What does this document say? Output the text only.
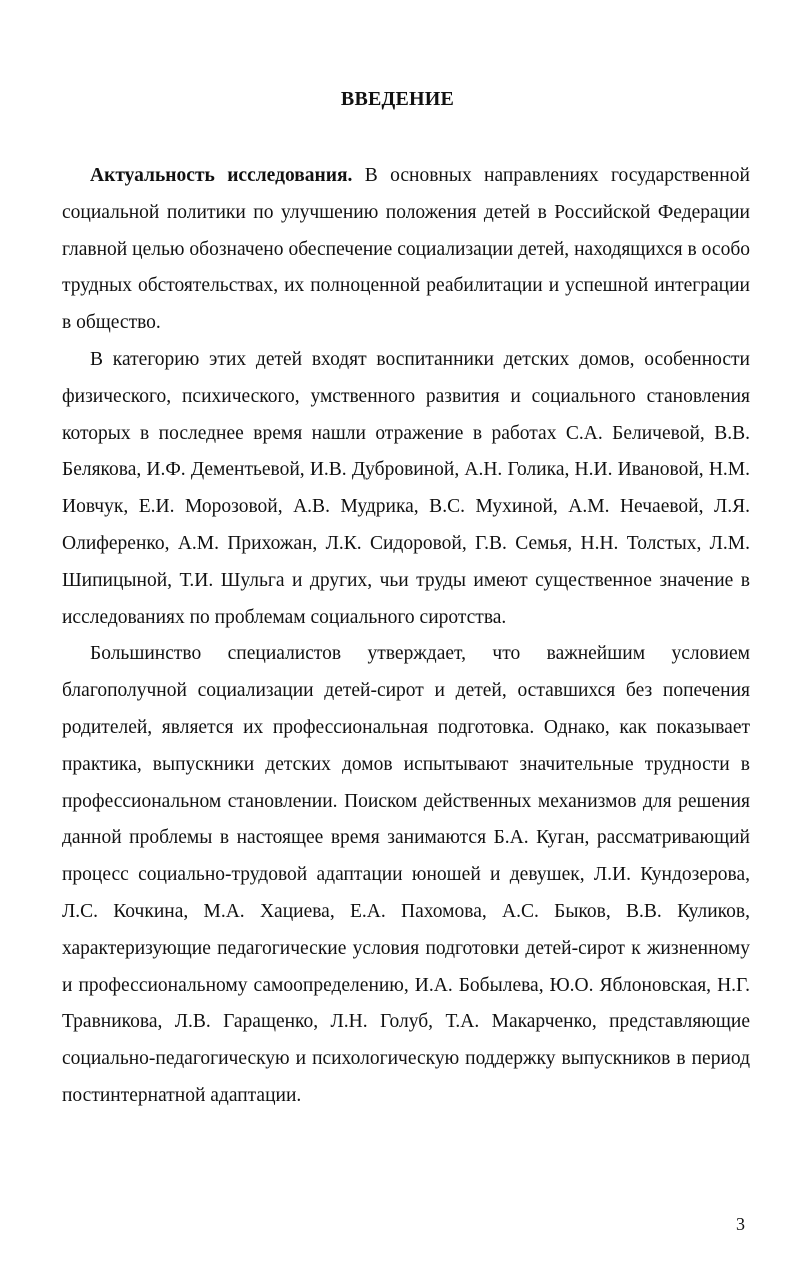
ВВЕДЕНИЕ

Актуальность исследования. В основных направлениях государственной социальной политики по улучшению положения детей в Российской Федерации главной целью обозначено обеспечение социализации детей, находящихся в особо трудных обстоятельствах, их полноценной реабилитации и успешной интеграции в общество.

В категорию этих детей входят воспитанники детских домов, особенности физического, психического, умственного развития и социального становления которых в последнее время нашли отражение в работах С.А. Беличевой, В.В. Белякова, И.Ф. Дементьевой, И.В. Дубровиной, А.Н. Голика, Н.И. Ивановой, Н.М. Иовчук, Е.И. Морозовой, А.В. Мудрика, В.С. Мухиной, А.М. Нечаевой, Л.Я. Олиференко, А.М. Прихожан, Л.К. Сидоровой, Г.В. Семья, Н.Н. Толстых, Л.М. Шипицыной, Т.И. Шульга и других, чьи труды имеют существенное значение в исследованиях по проблемам социального сиротства.

Большинство специалистов утверждает, что важнейшим условием благополучной социализации детей-сирот и детей, оставшихся без попечения родителей, является их профессиональная подготовка. Однако, как показывает практика, выпускники детских домов испытывают значительные трудности в профессиональном становлении. Поиском действенных механизмов для решения данной проблемы в настоящее время занимаются Б.А. Куган, рассматривающий процесс социально-трудовой адаптации юношей и девушек, Л.И. Кундозерова, Л.С. Кочкина, М.А. Хациева, Е.А. Пахомова, А.С. Быков, В.В. Куликов, характеризующие педагогические условия подготовки детей-сирот к жизненному и профессиональному самоопределению, И.А. Бобылева, Ю.О. Яблоновская, Н.Г. Травникова, Л.В. Гаращенко, Л.Н. Голуб, Т.А. Макарченко, представляющие социально-педагогическую и психологическую поддержку выпускников в период постинтернатной адаптации.

3
